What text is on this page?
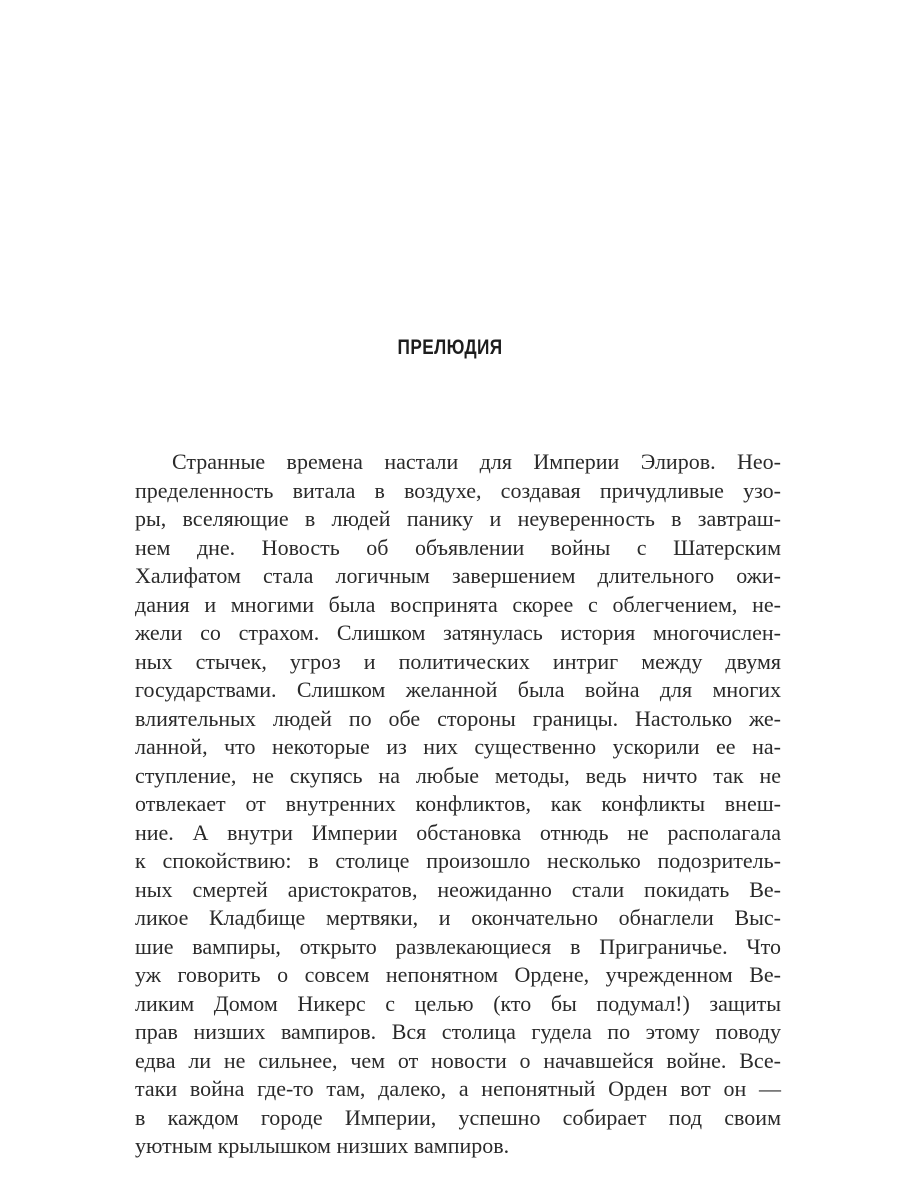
ПРЕЛЮДИЯ
Странные времена настали для Империи Элиров. Нео-
пределенность витала в воздухе, создавая причудливые узо-
ры, вселяющие в людей панику и неуверенность в завтраш-
нем дне. Новость об объявлении войны с Шатерским
Халифатом стала логичным завершением длительного ожи-
дания и многими была воспринята скорее с облегчением, не-
жели со страхом. Слишком затянулась история многочислен-
ных стычек, угроз и политических интриг между двумя
государствами. Слишком желанной была война для многих
влиятельных людей по обе стороны границы. Настолько же-
ланной, что некоторые из них существенно ускорили ее на-
ступление, не скупясь на любые методы, ведь ничто так не
отвлекает от внутренних конфликтов, как конфликты внеш-
ние. А внутри Империи обстановка отнюдь не располагала
к спокойствию: в столице произошло несколько подозритель-
ных смертей аристократов, неожиданно стали покидать Ве-
ликое Кладбище мертвяки, и окончательно обнаглели Выс-
шие вампиры, открыто развлекающиеся в Приграничье. Что
уж говорить о совсем непонятном Ордене, учрежденном Ве-
ликим Домом Никерс с целью (кто бы подумал!) защиты
прав низших вампиров. Вся столица гудела по этому поводу
едва ли не сильнее, чем от новости о начавшейся войне. Все-
таки война где-то там, далеко, а непонятный Орден вот он —
в каждом городе Империи, успешно собирает под своим
уютным крылышком низших вампиров.
